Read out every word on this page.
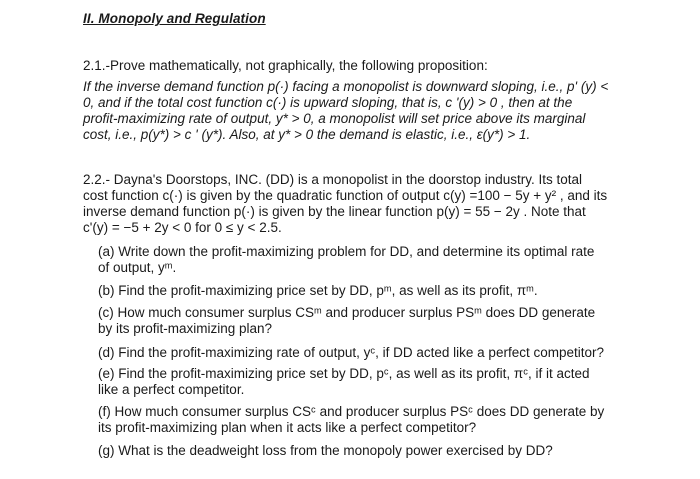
II. Monopoly and Regulation
2.1.-Prove mathematically, not graphically, the following proposition:
If the inverse demand function p(·) facing a monopolist is downward sloping, i.e., p' (y) <
0, and if the total cost function c(·) is upward sloping, that is, c '(y) > 0 , then at the
profit-maximizing rate of output, y* > 0, a monopolist will set price above its marginal
cost, i.e., p(y*) > c ' (y*). Also, at y* > 0 the demand is elastic, i.e., ε(y*) > 1.
2.2.- Dayna's Doorstops, INC. (DD) is a monopolist in the doorstop industry. Its total
cost function c(·) is given by the quadratic function of output c(y) =100 − 5y + y² , and its
inverse demand function p(·) is given by the linear function p(y) = 55 − 2y . Note that
c'(y) = −5 + 2y < 0 for 0 ≤ y < 2.5.
(a) Write down the profit-maximizing problem for DD, and determine its optimal rate
of output, yᵐ.
(b) Find the profit-maximizing price set by DD, pᵐ, as well as its profit, πᵐ.
(c) How much consumer surplus CSᵐ and producer surplus PSᵐ does DD generate
by its profit-maximizing plan?
(d) Find the profit-maximizing rate of output, yᶜ, if DD acted like a perfect competitor?
(e) Find the profit-maximizing price set by DD, pᶜ, as well as its profit, πᶜ, if it acted
like a perfect competitor.
(f) How much consumer surplus CSᶜ and producer surplus PSᶜ does DD generate by
its profit-maximizing plan when it acts like a perfect competitor?
(g) What is the deadweight loss from the monopoly power exercised by DD?
